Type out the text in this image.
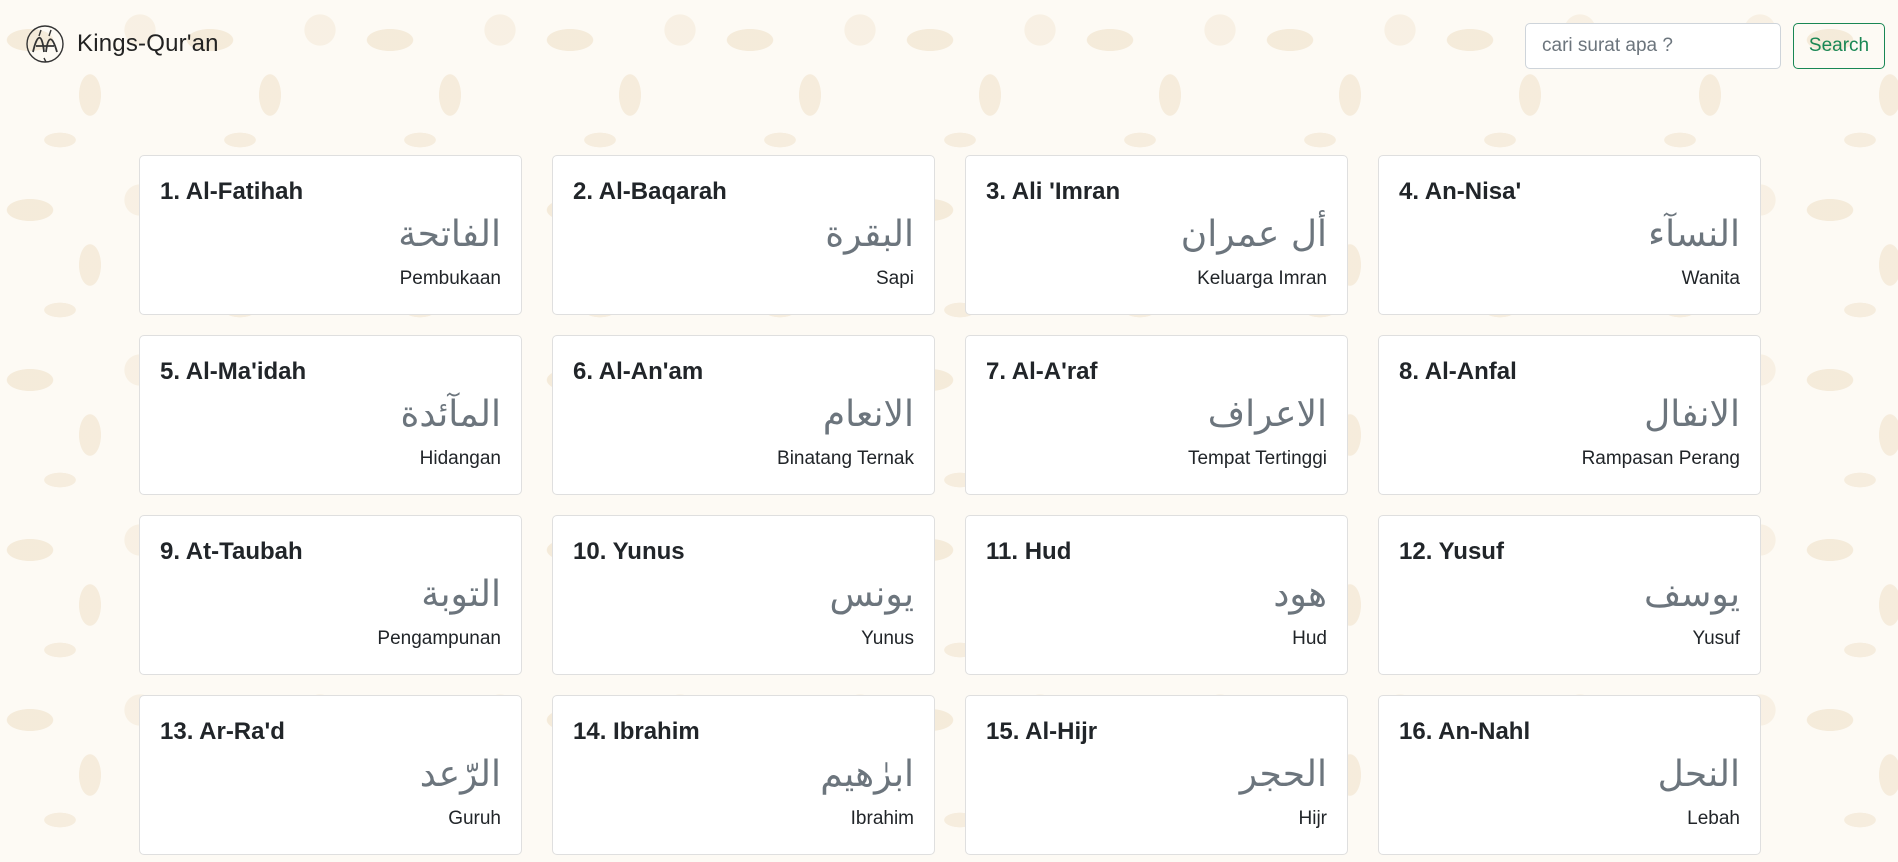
Kings-Qur'an
cari surat apa ?	Search
1. Al-Fatihah
الفاتحة
Pembukaan
2. Al-Baqarah
البقرة
Sapi
3. Ali 'Imran
أل عمران
Keluarga Imran
4. An-Nisa'
النسآء
Wanita
5. Al-Ma'idah
المآئدة
Hidangan
6. Al-An'am
الانعام
Binatang Ternak
7. Al-A'raf
الاعراف
Tempat Tertinggi
8. Al-Anfal
الانفال
Rampasan Perang
9. At-Taubah
التوبة
Pengampunan
10. Yunus
يونس
Yunus
11. Hud
هود
Hud
12. Yusuf
يوسف
Yusuf
13. Ar-Ra'd
الرّعد
Guruh
14. Ibrahim
ابرٰهيم
Ibrahim
15. Al-Hijr
الحجر
Hijr
16. An-Nahl
النحل
Lebah
